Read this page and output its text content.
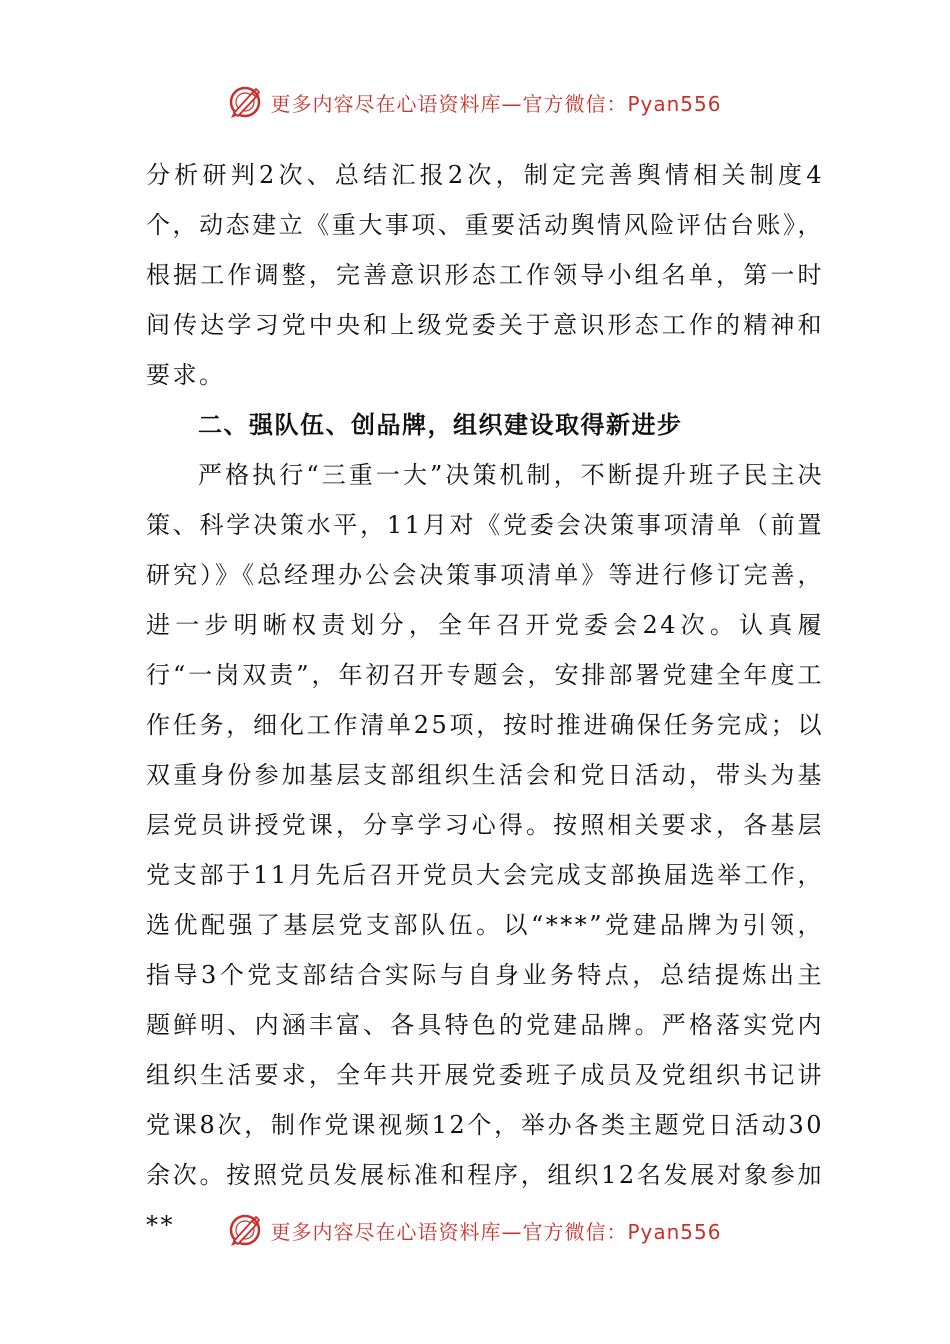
更多内容尽在心语资料库—官方微信：Pyan556

分析研判2次、总结汇报2次，制定完善舆情相关制度4个，动态建立《重大事项、重要活动舆情风险评估台账》，根据工作调整，完善意识形态工作领导小组名单，第一时间传达学习党中央和上级党委关于意识形态工作的精神和要求。

二、强队伍、创品牌，组织建设取得新进步

严格执行“三重一大”决策机制，不断提升班子民主决策、科学决策水平，11月对《党委会决策事项清单（前置研究）》《总经理办公会决策事项清单》等进行修订完善，进一步明晰权责划分，全年召开党委会24次。认真履行“一岗双责”，年初召开专题会，安排部署党建全年度工作任务，细化工作清单25项，按时推进确保任务完成；以双重身份参加基层支部组织生活会和党日活动，带头为基层党员讲授党课，分享学习心得。按照相关要求，各基层党支部于11月先后召开党员大会完成支部换届选举工作，选优配强了基层党支部队伍。以“***”党建品牌为引领，指导3个党支部结合实际与自身业务特点，总结提炼出主题鲜明、内涵丰富、各具特色的党建品牌。严格落实党内组织生活要求，全年共开展党委班子成员及党组织书记讲党课8次，制作党课视频12个，举办各类主题党日活动30余次。按照党员发展标准和程序，组织12名发展对象参加**	更多内容尽在心语资料库—官方微信：Pyan556
